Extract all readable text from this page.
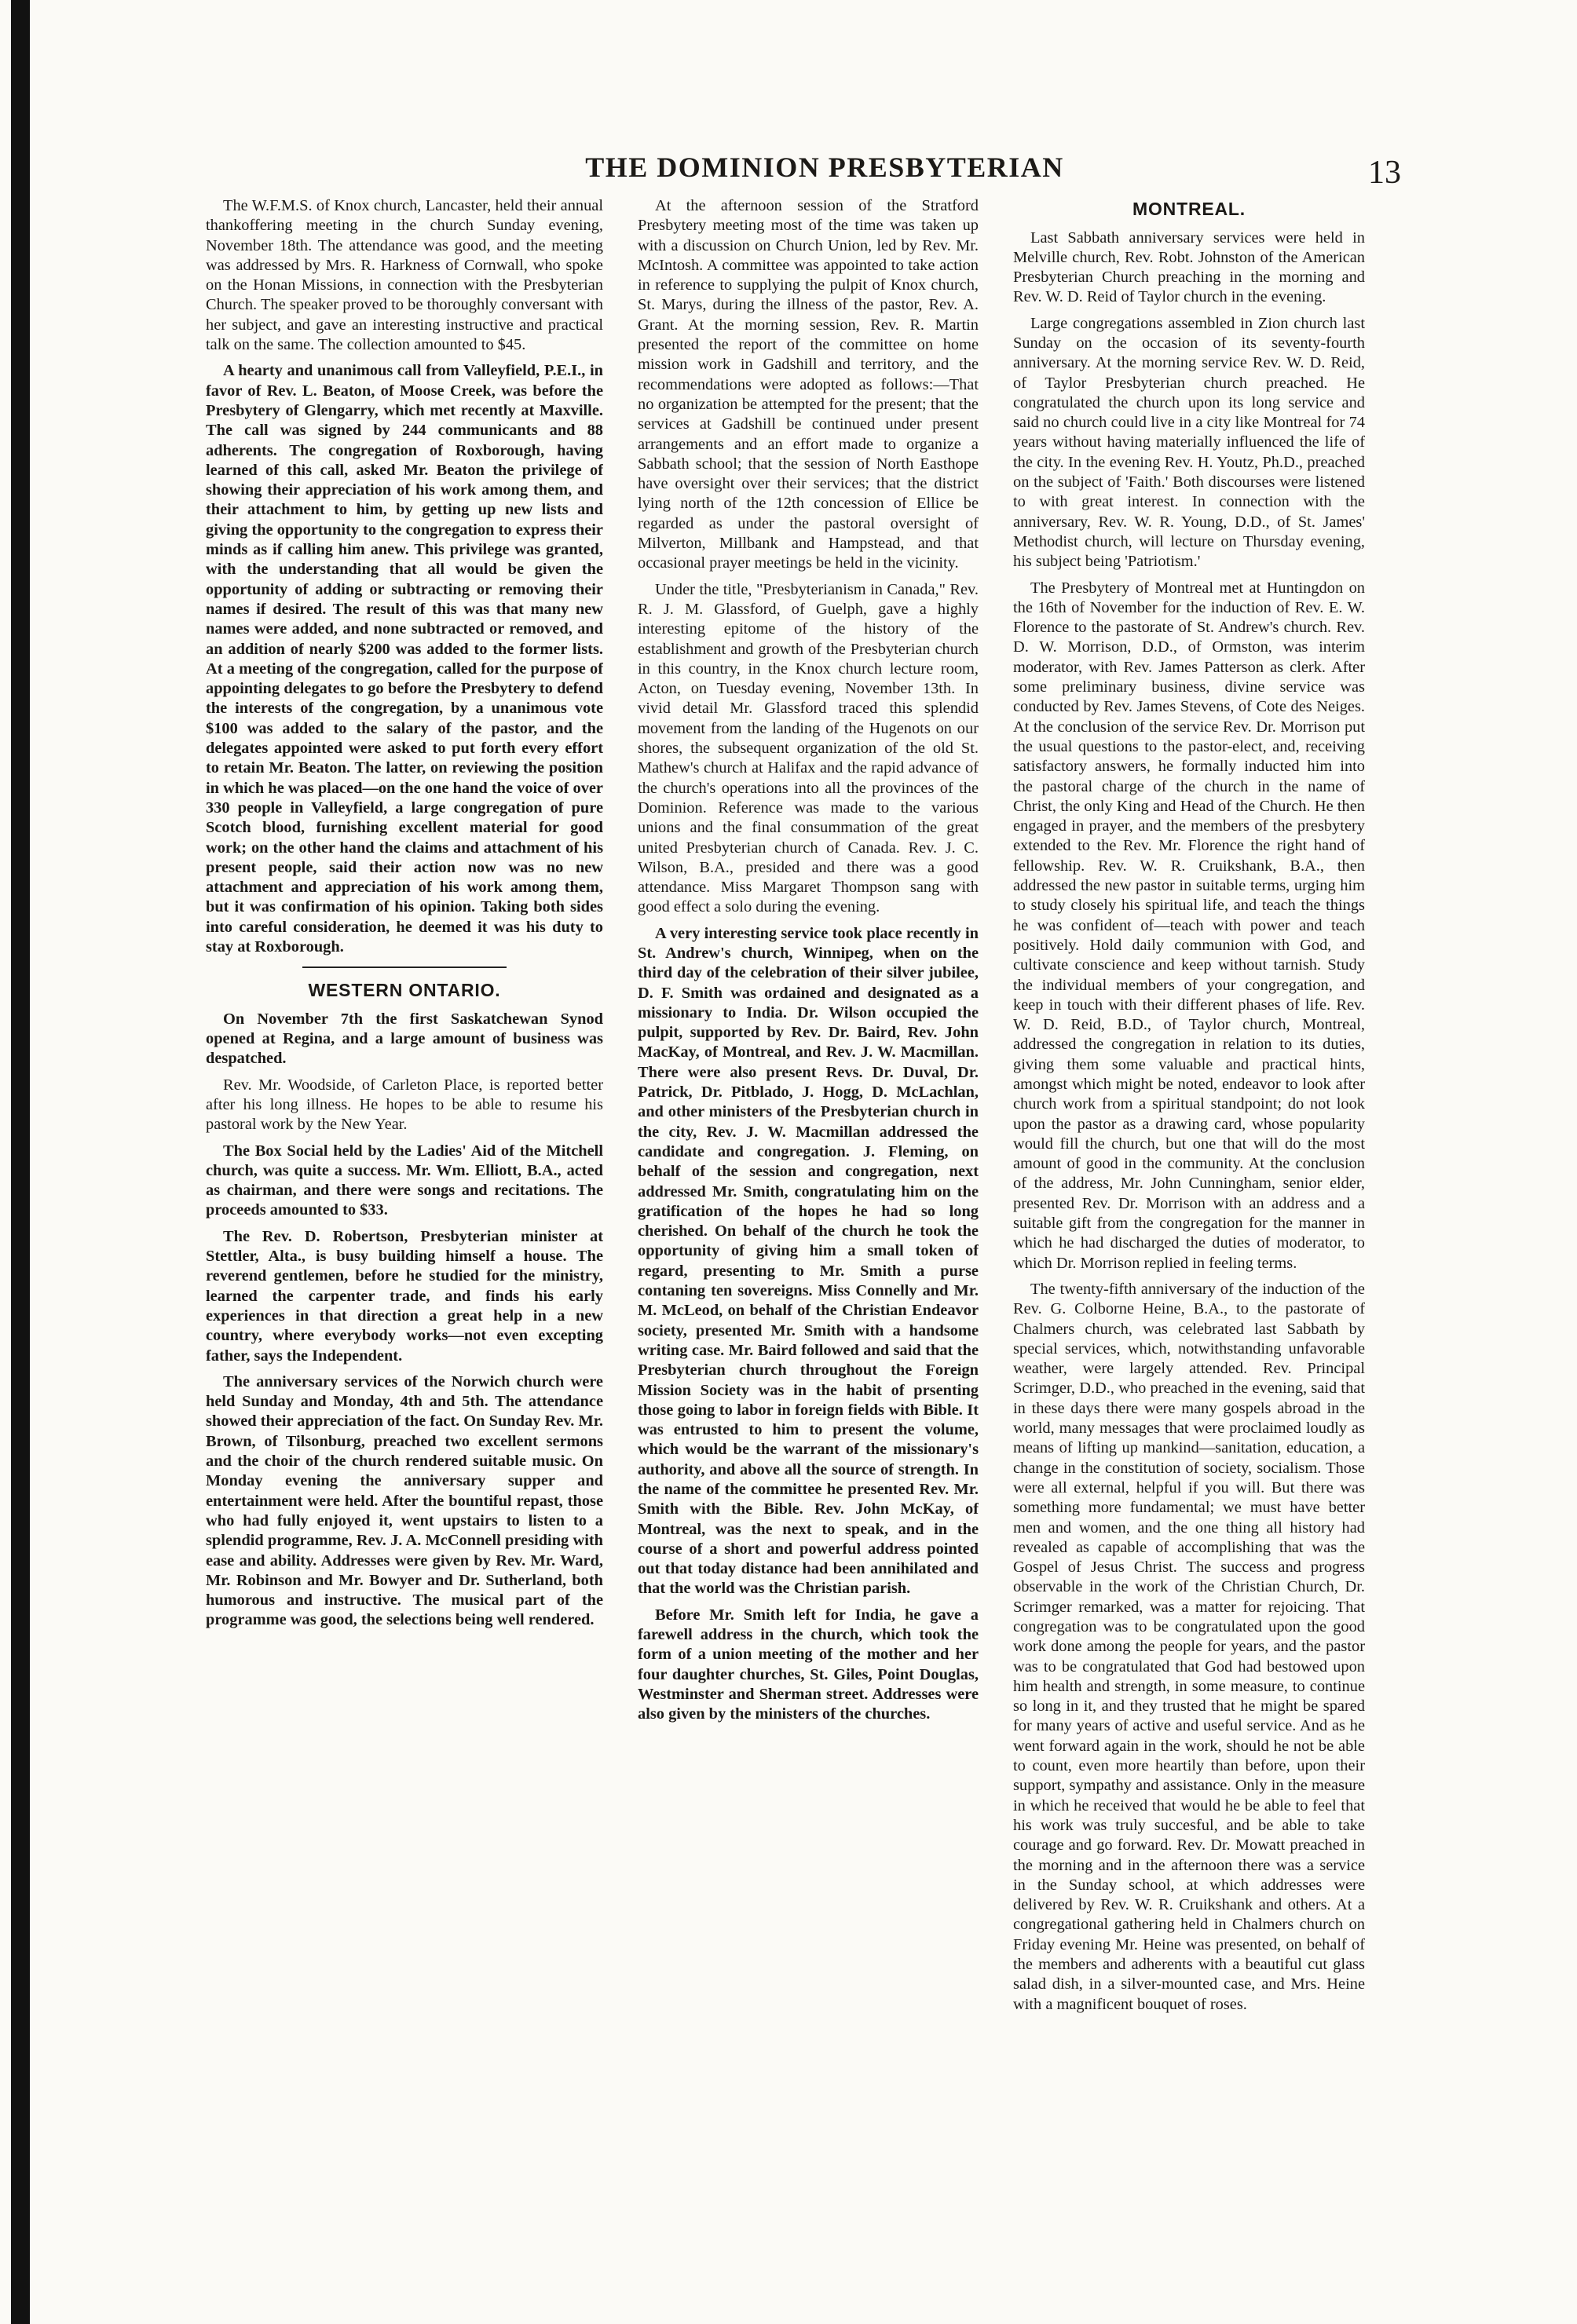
THE DOMINION PRESBYTERIAN	13

The W.F.M.S. of Knox church, Lancaster, held their annual thankoffering meeting in the church Sunday evening, November 18th. The attendance was good, and the meeting was addressed by Mrs. R. Harkness of Cornwall, who spoke on the Honan Missions, in connection with the Presbyterian Church. The speaker proved to be thoroughly conversant with her subject, and gave an interesting instructive and practical talk on the same. The collection amounted to $45.

A hearty and unanimous call from Valleyfield, P.E.I., in favor of Rev. L. Beaton, of Moose Creek, was before the Presbytery of Glengarry, which met recently at Maxville. The call was signed by 244 communicants and 88 adherents. The congregation of Roxborough, having learned of this call, asked Mr. Beaton the privilege of showing their appreciation of his work among them, and their attachment to him, by getting up new lists and giving the opportunity to the congregation to express their minds as if calling him anew. This privilege was granted, with the understanding that all would be given the opportunity of adding or subtracting or removing their names if desired. The result of this was that many new names were added, and none subtracted or removed, and an addition of nearly $200 was added to the former lists. At a meeting of the congregation, called for the purpose of appointing delegates to go before the Presbytery to defend the interests of the congregation, by a unanimous vote $100 was added to the salary of the pastor, and the delegates appointed were asked to put forth every effort to retain Mr. Beaton. The latter, on reviewing the position in which he was placed—on the one hand the voice of over 330 people in Valleyfield, a large congregation of pure Scotch blood, furnishing excellent material for good work; on the other hand the claims and attachment of his present people, said their action now was no new attachment and appreciation of his work among them, but it was confirmation of his opinion. Taking both sides into careful consideration, he deemed it was his duty to stay at Roxborough.

WESTERN ONTARIO.

On November 7th the first Saskatchewan Synod opened at Regina, and a large amount of business was despatched.

Rev. Mr. Woodside, of Carleton Place, is reported better after his long illness. He hopes to be able to resume his pastoral work by the New Year.

The Box Social held by the Ladies' Aid of the Mitchell church, was quite a success. Mr. Wm. Elliott, B.A., acted as chairman, and there were songs and recitations. The proceeds amounted to $33.

The Rev. D. Robertson, Presbyterian minister at Stettler, Alta., is busy building himself a house. The reverend gentlemen, before he studied for the ministry, learned the carpenter trade, and finds his early experiences in that direction a great help in a new country, where everybody works—not even excepting father, says the Independent.

The anniversary services of the Norwich church were held Sunday and Monday, 4th and 5th. The attendance showed their appreciation of the fact. On Sunday Rev. Mr. Brown, of Tilsonburg, preached two excellent sermons and the choir of the church rendered suitable music. On Monday evening the anniversary supper and entertainment were held. After the bountiful repast, those who had fully enjoyed it, went upstairs to listen to a splendid programme, Rev. J. A. McConnell presiding with ease and ability. Addresses were given by Rev. Mr. Ward, Mr. Robinson and Mr. Bowyer and Dr. Sutherland, both humorous and instructive. The musical part of the programme was good, the selections being well rendered.

At the afternoon session of the Stratford Presbytery meeting most of the time was taken up with a discussion on Church Union, led by Rev. Mr. McIntosh. A committee was appointed to take action in reference to supplying the pulpit of Knox church, St. Marys, during the illness of the pastor, Rev. A. Grant. At the morning session, Rev. R. Martin presented the report of the committee on home mission work in Gadshill and territory, and the recommendations were adopted as follows:—That no organization be attempted for the present; that the services at Gadshill be continued under present arrangements and an effort made to organize a Sabbath school; that the session of North Easthope have oversight over their services; that the district lying north of the 12th concession of Ellice be regarded as under the pastoral oversight of Milverton, Millbank and Hampstead, and that occasional prayer meetings be held in the vicinity.

Under the title, "Presbyterianism in Canada," Rev. R. J. M. Glassford, of Guelph, gave a highly interesting epitome of the history of the establishment and growth of the Presbyterian church in this country, in the Knox church lecture room, Acton, on Tuesday evening, November 13th. In vivid detail Mr. Glassford traced this splendid movement from the landing of the Hugenots on our shores, the subsequent organization of the old St. Mathew's church at Halifax and the rapid advance of the church's operations into all the provinces of the Dominion. Reference was made to the various unions and the final consummation of the great united Presbyterian church of Canada. Rev. J. C. Wilson, B.A., presided and there was a good attendance. Miss Margaret Thompson sang with good effect a solo during the evening.

A very interesting service took place recently in St. Andrew's church, Winnipeg, when on the third day of the celebration of their silver jubilee, D. F. Smith was ordained and designated as a missionary to India. Dr. Wilson occupied the pulpit, supported by Rev. Dr. Baird, Rev. John MacKay, of Montreal, and Rev. J. W. Macmillan. There were also present Revs. Dr. Duval, Dr. Patrick, Dr. Pitblado, J. Hogg, D. McLachlan, and other ministers of the Presbyterian church in the city, Rev. J. W. Macmillan addressed the candidate and congregation. J. Fleming, on behalf of the session and congregation, next addressed Mr. Smith, congratulating him on the gratification of the hopes he had so long cherished. On behalf of the church he took the opportunity of giving him a small token of regard, presenting to Mr. Smith a purse contaning ten sovereigns. Miss Connelly and Mr. M. McLeod, on behalf of the Christian Endeavor society, presented Mr. Smith with a handsome writing case. Mr. Baird followed and said that the Presbyterian church throughout the Foreign Mission Society was in the habit of prsenting those going to labor in foreign fields with Bible. It was entrusted to him to present the volume, which would be the warrant of the missionary's authority, and above all the source of strength. In the name of the committee he presented Rev. Mr. Smith with the Bible. Rev. John McKay, of Montreal, was the next to speak, and in the course of a short and powerful address pointed out that today distance had been annihilated and that the world was the Christian parish.

Before Mr. Smith left for India, he gave a farewell address in the church, which took the form of a union meeting of the mother and her four daughter churches, St. Giles, Point Douglas, Westminster and Sherman street. Addresses were also given by the ministers of the churches.

MONTREAL.

Last Sabbath anniversary services were held in Melville church, Rev. Robt. Johnston of the American Presbyterian Church preaching in the morning and Rev. W. D. Reid of Taylor church in the evening.

Large congregations assembled in Zion church last Sunday on the occasion of its seventy-fourth anniversary. At the morning service Rev. W. D. Reid, of Taylor Presbyterian church preached. He congratulated the church upon its long service and said no church could live in a city like Montreal for 74 years without having materially influenced the life of the city. In the evening Rev. H. Youtz, Ph.D., preached on the subject of 'Faith.' Both discourses were listened to with great interest. In connection with the anniversary, Rev. W. R. Young, D.D., of St. James' Methodist church, will lecture on Thursday evening, his subject being 'Patriotism.'

The Presbytery of Montreal met at Huntingdon on the 16th of November for the induction of Rev. E. W. Florence to the pastorate of St. Andrew's church. Rev. D. W. Morrison, D.D., of Ormston, was interim moderator, with Rev. James Patterson as clerk. After some preliminary business, divine service was conducted by Rev. James Stevens, of Cote des Neiges. At the conclusion of the service Rev. Dr. Morrison put the usual questions to the pastor-elect, and, receiving satisfactory answers, he formally inducted him into the pastoral charge of the church in the name of Christ, the only King and Head of the Church. He then engaged in prayer, and the members of the presbytery extended to the Rev. Mr. Florence the right hand of fellowship. Rev. W. R. Cruikshank, B.A., then addressed the new pastor in suitable terms, urging him to study closely his spiritual life, and teach the things he was confident of—teach with power and teach positively. Hold daily communion with God, and cultivate conscience and keep without tarnish. Study the individual members of your congregation, and keep in touch with their different phases of life. Rev. W. D. Reid, B.D., of Taylor church, Montreal, addressed the congregation in relation to its duties, giving them some valuable and practical hints, amongst which might be noted, endeavor to look after church work from a spiritual standpoint; do not look upon the pastor as a drawing card, whose popularity would fill the church, but one that will do the most amount of good in the community. At the conclusion of the address, Mr. John Cunningham, senior elder, presented Rev. Dr. Morrison with an address and a suitable gift from the congregation for the manner in which he had discharged the duties of moderator, to which Dr. Morrison replied in feeling terms.

The twenty-fifth anniversary of the induction of the Rev. G. Colborne Heine, B.A., to the pastorate of Chalmers church, was celebrated last Sabbath by special services, which, notwithstanding unfavorable weather, were largely attended. Rev. Principal Scrimger, D.D., who preached in the evening, said that in these days there were many gospels abroad in the world, many messages that were proclaimed loudly as means of lifting up mankind—sanitation, education, a change in the constitution of society, socialism. Those were all external, helpful if you will. But there was something more fundamental; we must have better men and women, and the one thing all history had revealed as capable of accomplishing that was the Gospel of Jesus Christ. The success and progress observable in the work of the Christian Church, Dr. Scrimger remarked, was a matter for rejoicing. That congregation was to be congratulated upon the good work done among the people for years, and the pastor was to be congratulated that God had bestowed upon him health and strength, in some measure, to continue so long in it, and they trusted that he might be spared for many years of active and useful service. And as he went forward again in the work, should he not be able to count, even more heartily than before, upon their support, sympathy and assistance. Only in the measure in which he received that would he be able to feel that his work was truly succesful, and be able to take courage and go forward. Rev. Dr. Mowatt preached in the morning and in the afternoon there was a service in the Sunday school, at which addresses were delivered by Rev. W. R. Cruikshank and others. At a congregational gathering held in Chalmers church on Friday evening Mr. Heine was presented, on behalf of the members and adherents with a beautiful cut glass salad dish, in a silver-mounted case, and Mrs. Heine with a magnificent bouquet of roses.
